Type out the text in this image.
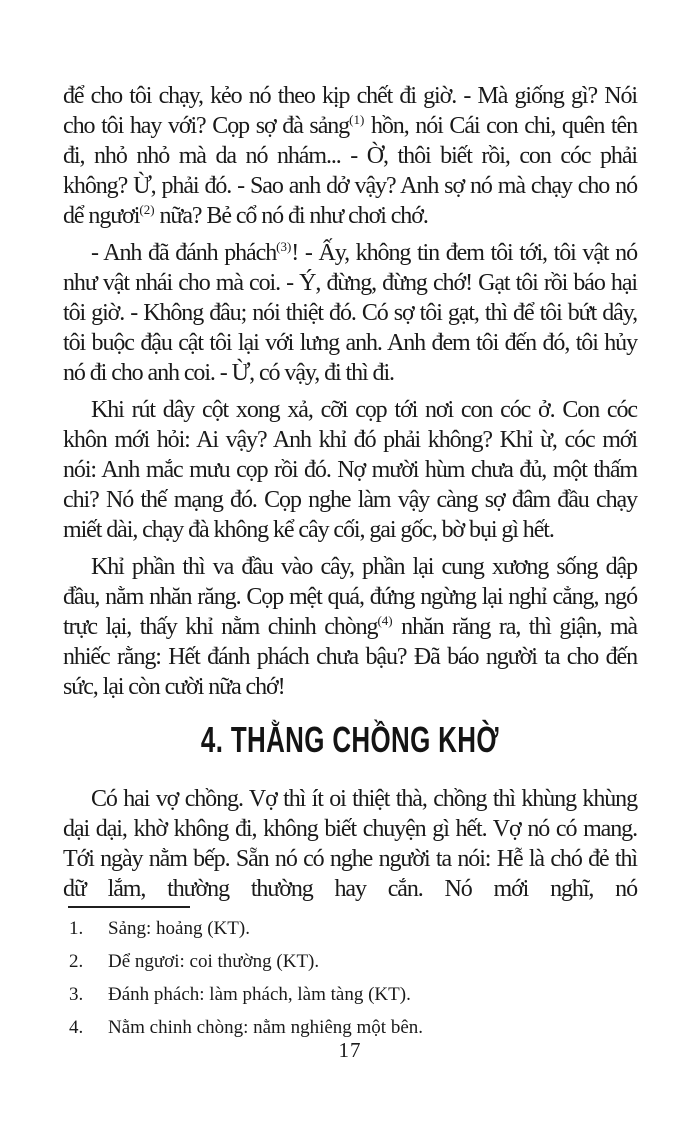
để cho tôi chạy, kẻo nó theo kịp chết đi giờ. - Mà giống gì? Nói cho tôi hay với? Cọp sợ đà sảng$^{(1)}$ hồn, nói Cái con chi, quên tên đi, nhỏ nhỏ mà da nó nhám... - Ờ, thôi biết rồi, con cóc phải không? Ừ, phải đó. - Sao anh dở vậy? Anh sợ nó mà chạy cho nó dể ngươi$^{(2)}$ nữa? Bẻ cổ nó đi như chơi chớ.

- Anh đã đánh phách$^{(3)}$! - Ấy, không tin đem tôi tới, tôi vật nó như vật nhái cho mà coi. - Ý, đừng, đừng chớ! Gạt tôi rồi báo hại tôi giờ. - Không đâu; nói thiệt đó. Có sợ tôi gạt, thì để tôi bứt dây, tôi buộc đậu cật tôi lại với lưng anh. Anh đem tôi đến đó, tôi hủy nó đi cho anh coi. - Ừ, có vậy, đi thì đi.

Khi rút dây cột xong xả, cỡi cọp tới nơi con cóc ở. Con cóc khôn mới hỏi: Ai vậy? Anh khỉ đó phải không? Khỉ ừ, cóc mới nói: Anh mắc mưu cọp rồi đó. Nợ mười hùm chưa đủ, một thấm chi? Nó thế mạng đó. Cọp nghe làm vậy càng sợ đâm đầu chạy miết dài, chạy đà không kể cây cối, gai gốc, bờ bụi gì hết.

Khỉ phần thì va đầu vào cây, phần lại cung xương sống dập đầu, nằm nhăn răng. Cọp mệt quá, đứng ngừng lại nghỉ cẳng, ngó trực lại, thấy khỉ nằm chinh chòng$^{(4)}$ nhăn răng ra, thì giận, mà nhiếc rằng: Hết đánh phách chưa bậu? Đã báo người ta cho đến sức, lại còn cười nữa chớ!

4. THẰNG CHỒNG KHỜ

Có hai vợ chồng. Vợ thì ít oi thiệt thà, chồng thì khùng khùng dại dại, khờ không đi, không biết chuyện gì hết. Vợ nó có mang. Tới ngày nằm bếp. Sẵn nó có nghe người ta nói: Hễ là chó đẻ thì dữ lắm, thường thường hay cắn. Nó mới nghĩ, nó

1.	Sảng: hoảng (KT).
2.	Dể ngươi: coi thường (KT).
3.	Đánh phách: làm phách, làm tàng (KT).
4.	Nằm chinh chòng: nằm nghiêng một bên.
17
